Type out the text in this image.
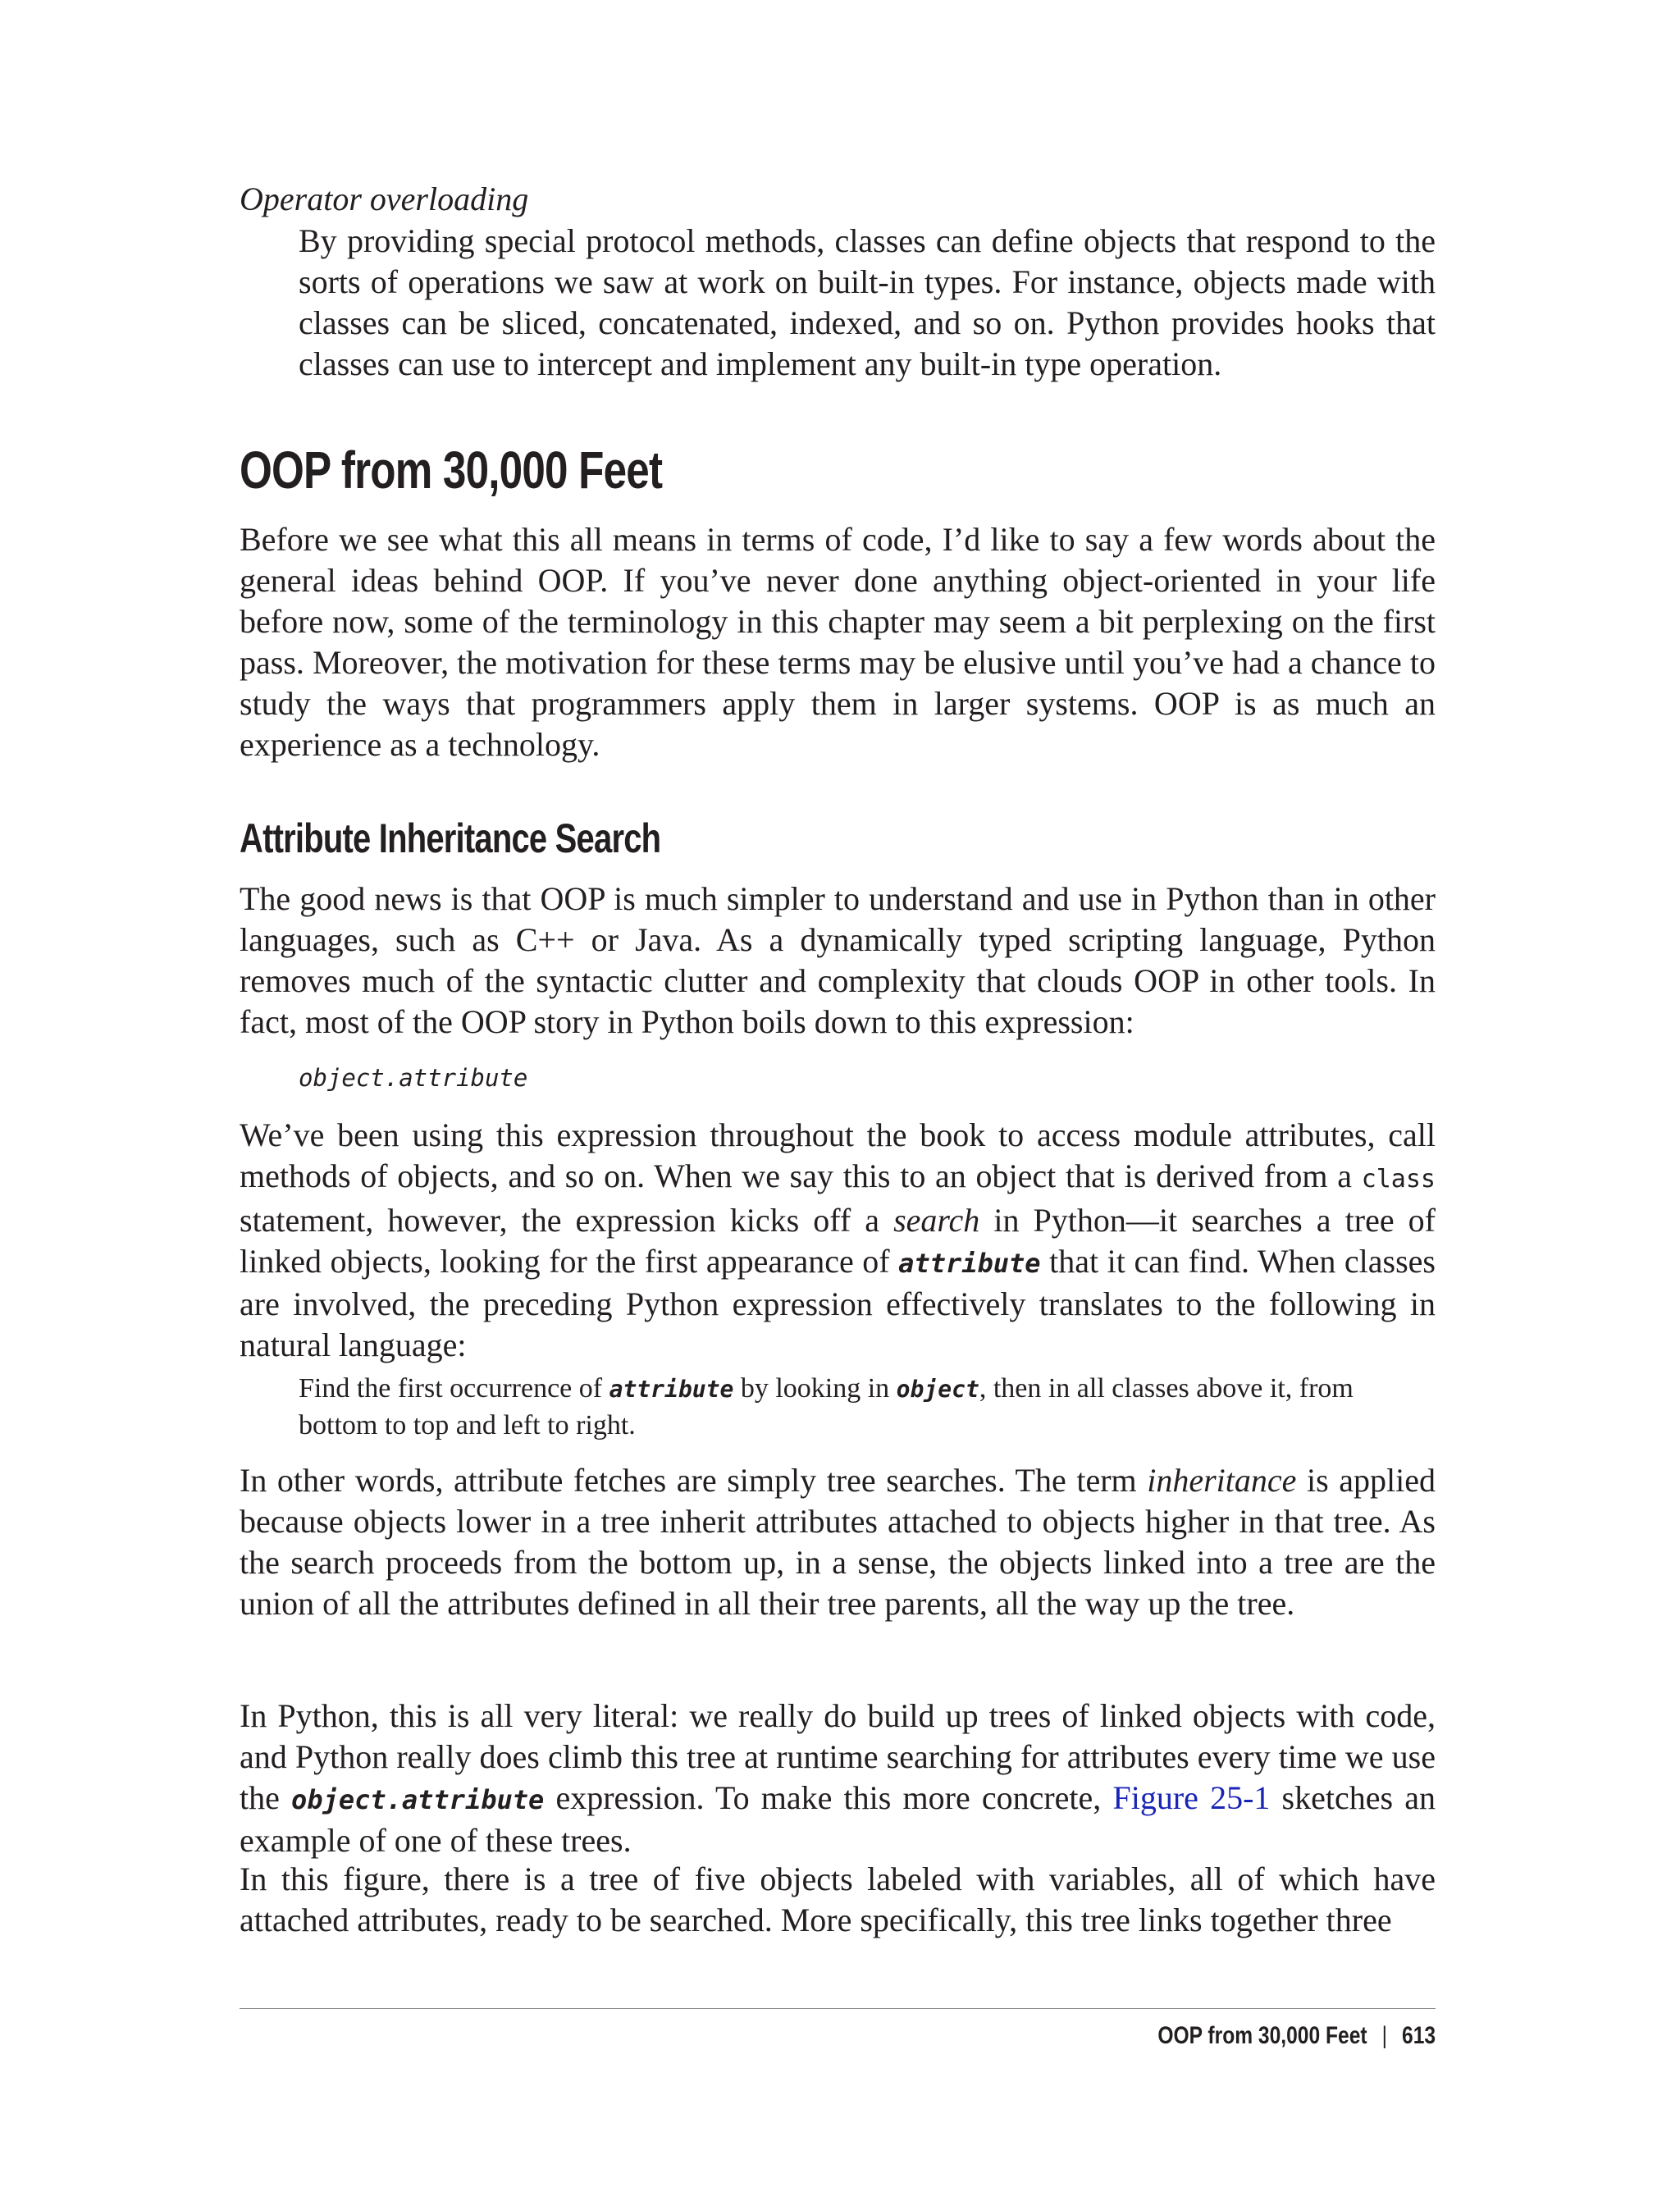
Operator overloading

By providing special protocol methods, classes can define objects that respond to the sorts of operations we saw at work on built-in types. For instance, objects made with classes can be sliced, concatenated, indexed, and so on. Python provides hooks that classes can use to intercept and implement any built-in type operation.

OOP from 30,000 Feet

Before we see what this all means in terms of code, I’d like to say a few words about the general ideas behind OOP. If you’ve never done anything object-oriented in your life before now, some of the terminology in this chapter may seem a bit perplexing on the first pass. Moreover, the motivation for these terms may be elusive until you’ve had a chance to study the ways that programmers apply them in larger systems. OOP is as much an experience as a technology.

Attribute Inheritance Search

The good news is that OOP is much simpler to understand and use in Python than in other languages, such as C++ or Java. As a dynamically typed scripting language, Python removes much of the syntactic clutter and complexity that clouds OOP in other tools. In fact, most of the OOP story in Python boils down to this expression:

object.attribute

We’ve been using this expression throughout the book to access module attributes, call methods of objects, and so on. When we say this to an object that is derived from a class statement, however, the expression kicks off a search in Python—it searches a tree of linked objects, looking for the first appearance of attribute that it can find. When classes are involved, the preceding Python expression effectively translates to the following in natural language:

Find the first occurrence of attribute by looking in object, then in all classes above it, from bottom to top and left to right.

In other words, attribute fetches are simply tree searches. The term inheritance is applied because objects lower in a tree inherit attributes attached to objects higher in that tree. As the search proceeds from the bottom up, in a sense, the objects linked into a tree are the union of all the attributes defined in all their tree parents, all the way up the tree.

In Python, this is all very literal: we really do build up trees of linked objects with code, and Python really does climb this tree at runtime searching for attributes every time we use the object.attribute expression. To make this more concrete, Figure 25-1 sketches an example of one of these trees.

In this figure, there is a tree of five objects labeled with variables, all of which have attached attributes, ready to be searched. More specifically, this tree links together three

OOP from 30,000 Feet | 613
